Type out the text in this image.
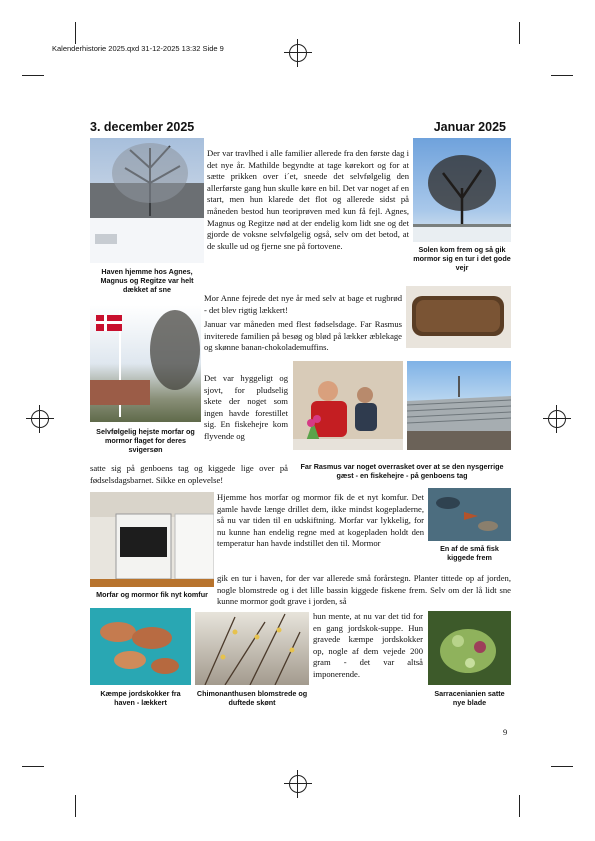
Kalenderhistorie 2025.qxd 31-12-2025 13:32 Side 9
3. december 2025	Januar 2025
Haven hjemme hos Agnes, Magnus og Regitze var helt dækket af sne
Solen kom frem og så gik mormor sig en tur i det gode vejr

Der var travlhed i alle familier allerede fra den første dag i det nye år. Mathilde begyndte at tage kørekort og for at sætte prikken over i´et, sneede det selvfølgelig den allerførste gang hun skulle køre en bil. Det var noget af en start, men hun klarede det flot og allerede sidst på måneden bestod hun teoriprøven med kun få fejl. Agnes, Magnus og Regitze nød at der endelig kom lidt sne og det gjorde de voksne selvfølgelig også, selv om det betod, at de skulle ud og fjerne sne på fortovene.

Mor Anne fejrede det nye år med selv at bage et rugbrød - det blev rigtig lækkert!

Januar var måneden med flest fødselsdage. Far Rasmus inviterede familien på besøg og blød på lækker æblekage og skønne banan-chokolademuffins.

Selvfølgelig hejste morfar og mormor flaget for deres svigersøn

Det var hyggeligt og sjovt, for pludselig skete der noget som ingen havde forestillet sig. En fiskehejre kom flyvende og

Far Rasmus var noget overrasket over at se den nysgerrige gæst - en fiskehejre - på genboens tag

satte sig på genboens tag og kiggede lige over på fødselsdagsbarnet. Sikke en oplevelse!

Morfar og mormor fik nyt komfur

Hjemme hos morfar og mormor fik de et nyt komfur. Det gamle havde længe drillet dem, ikke mindst kogepladerne, så nu var tiden til en udskiftning. Morfar var lykkelig, for nu kunne han endelig regne med at kogepladen holdt den temperatur han havde indstillet den til. Mormor

En af de små fisk kiggede frem

gik en tur i haven, for der var allerede små forårstegn. Planter tittede op af jorden, nogle blomstrede og i det lille bassin kiggede fiskene frem. Selv om der lå lidt sne kunne mormor godt grave i jorden, så

Kæmpe jordskokker fra haven - lækkert
Chimonanthusen blomstrede og duftede skønt

hun mente, at nu var det tid for en gang jordskok-suppe. Hun gravede kæmpe jordskokker op, nogle af dem vejede 200 gram - det var altså imponerende.

Sarracenianien satte nye blade
9
